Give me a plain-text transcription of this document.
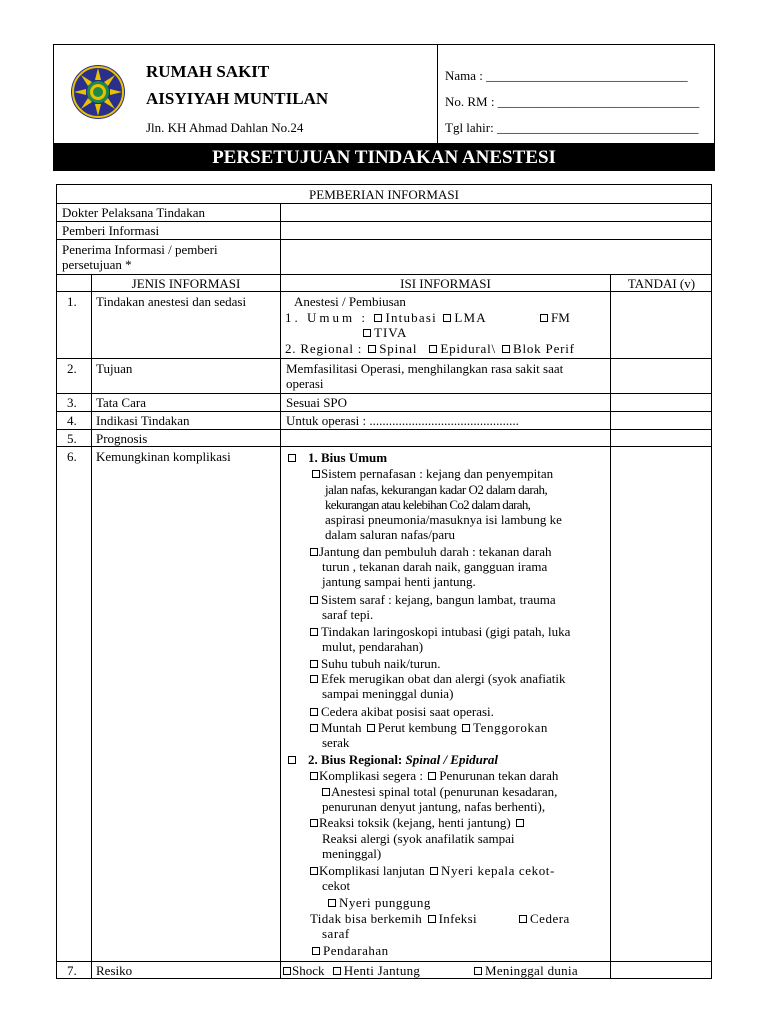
RUMAH SAKIT
AISYIYAH MUNTILAN
Jln. KH Ahmad Dahlan No.24
Nama : _______________________________
No. RM : _______________________________
Tgl lahir: _______________________________
PERSETUJUAN TINDAKAN ANESTESI
PEMBERIAN INFORMASI
Dokter Pelaksana Tindakan
Pemberi Informasi
Penerima Informasi / pemberi
persetujuan *
JENIS INFORMASI	ISI INFORMASI	TANDAI (v)
1. Tindakan anestesi dan sedasi	Anestesi / Pembiusan
1. Umum : Intubasi LMA	FM
TIVA
2. Regional : Spinal Epidural\ Blok Perif
2. Tujuan	Memfasilitasi Operasi, menghilangkan rasa sakit saat
operasi
3. Tata Cara	Sesuai SPO
4. Indikasi Tindakan	Untuk operasi : ..............................................
5. Prognosis
6. Kemungkinan komplikasi	1. Bius Umum
Sistem pernafasan : kejang dan penyempitan
jalan nafas, kekurangan kadar O2 dalam darah,
kekurangan atau kelebihan Co2 dalam darah,
aspirasi pneumonia/masuknya isi lambung ke
dalam saluran nafas/paru
Jantung dan pembuluh darah : tekanan darah
turun , tekanan darah naik, gangguan irama
jantung sampai henti jantung.
Sistem saraf : kejang, bangun lambat, trauma
saraf tepi.
Tindakan laringoskopi intubasi (gigi patah, luka
mulut, pendarahan)
Suhu tubuh naik/turun.
Efek merugikan obat dan alergi (syok anafiatik
sampai meninggal dunia)
Cedera akibat posisi saat operasi.
Muntah Perut kembung Tenggorokan
serak
2. Bius Regional: Spinal / Epidural
Komplikasi segera : Penurunan tekan darah
Anestesi spinal total (penurunan kesadaran,
penurunan denyut jantung, nafas berhenti),
Reaksi toksik (kejang, henti jantung)
Reaksi alergi (syok anafilatik sampai
meninggal)
Komplikasi lanjutan Nyeri kepala cekot-
cekot
Nyeri punggung
Tidak bisa berkemih Infeksi	Cedera
saraf
Pendarahan
7. Resiko	Shock Henti Jantung	Meninggal dunia
